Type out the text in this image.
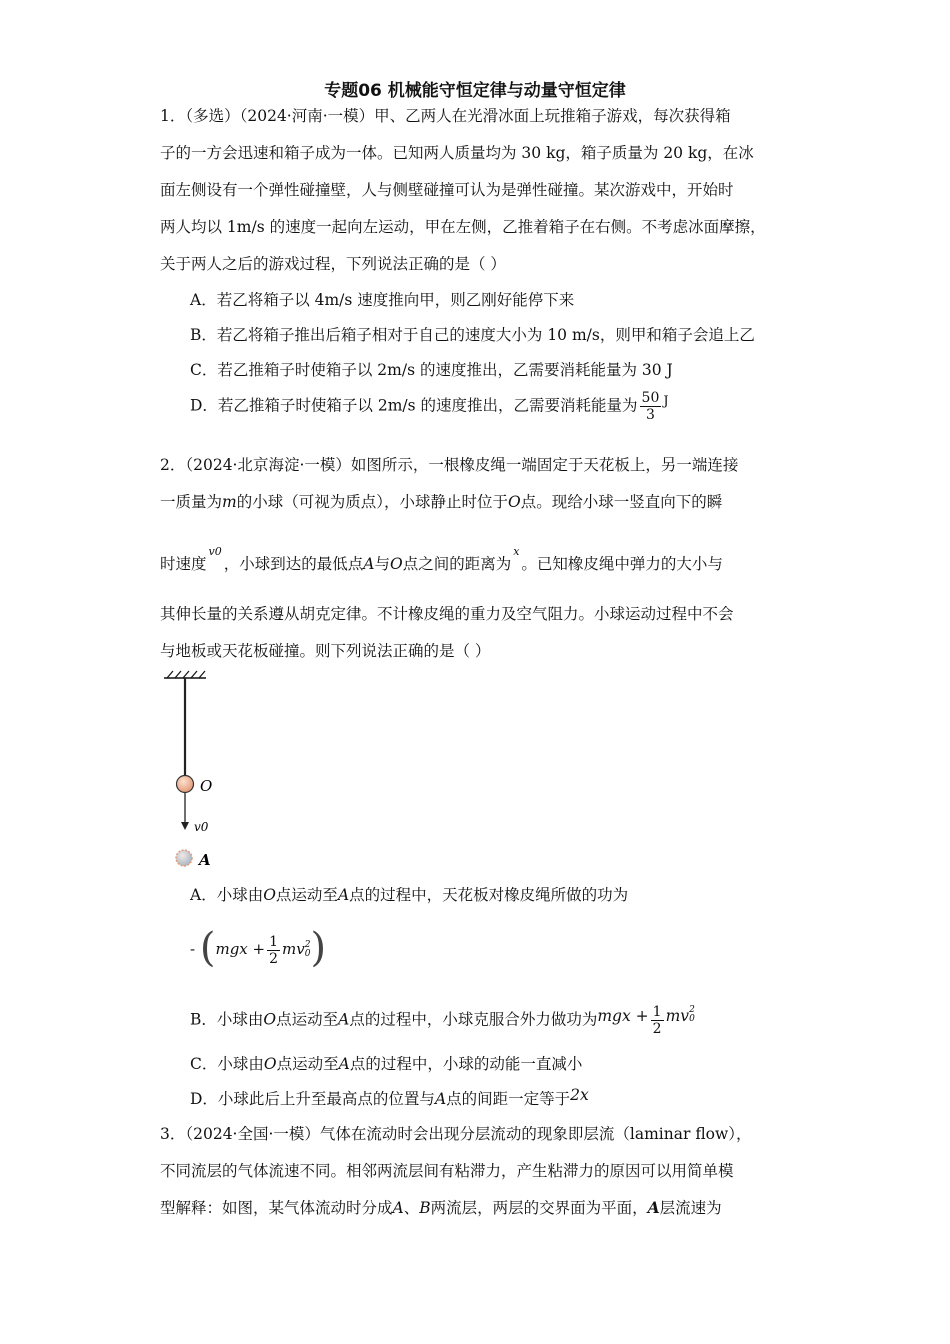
专题06 机械能守恒定律与动量守恒定律
1．（多选）（2024·河南·一模）甲、乙两人在光滑冰面上玩推箱子游戏，每次获得箱
子的一方会迅速和箱子成为一体。已知两人质量均为 30 kg，箱子质量为 20 kg，在冰
面左侧设有一个弹性碰撞壁，人与侧壁碰撞可认为是弹性碰撞。某次游戏中，开始时
两人均以 1m/s 的速度一起向左运动，甲在左侧，乙推着箱子在右侧。不考虑冰面摩擦，
关于两人之后的游戏过程，下列说法正确的是（ ）
A．若乙将箱子以 4m/s 速度推向甲，则乙刚好能停下来
B．若乙将箱子推出后箱子相对于自己的速度大小为 10 m/s，则甲和箱子会追上乙
C．若乙推箱子时使箱子以 2m/s 的速度推出，乙需要消耗能量为 30 J
D．若乙推箱子时使箱子以 2m/s 的速度推出，乙需要消耗能量为 $\frac{50}{3} ^J$
2．（2024·北京海淀·一模）如图所示，一根橡皮绳一端固定于天花板上，另一端连接
一质量为m的小球（可视为质点），小球静止时位于O点。现给小球一竖直向下的瞬
时速度$^{v0}$，小球到达的最低点A与O点之间的距离为$^x$。已知橡皮绳中弹力的大小与
其伸长量的关系遵从胡克定律。不计橡皮绳的重力及空气阻力。小球运动过程中不会
与地板或天花板碰撞。则下列说法正确的是（ ）
O
v0
A
A．小球由O点运动至A点的过程中，天花板对橡皮绳所做的功为
- ($mgx + \frac{1}{2}$ mv 2
0 )
B．小球由O点运动至A点的过程中，小球克服合外力做功为mgx + $\frac{1}{2}$ mv 2
0
C．小球由O点运动至A点的过程中，小球的动能一直减小
D．小球此后上升至最高点的位置与A点的间距一定等于2x
3．（2024·全国·一模）气体在流动时会出现分层流动的现象即层流（laminar flow），
不同流层的气体流速不同。相邻两流层间有粘滞力，产生粘滞力的原因可以用简单模
型解释：如图，某气体流动时分成A、B两流层，两层的交界面为平面，A层流速为
